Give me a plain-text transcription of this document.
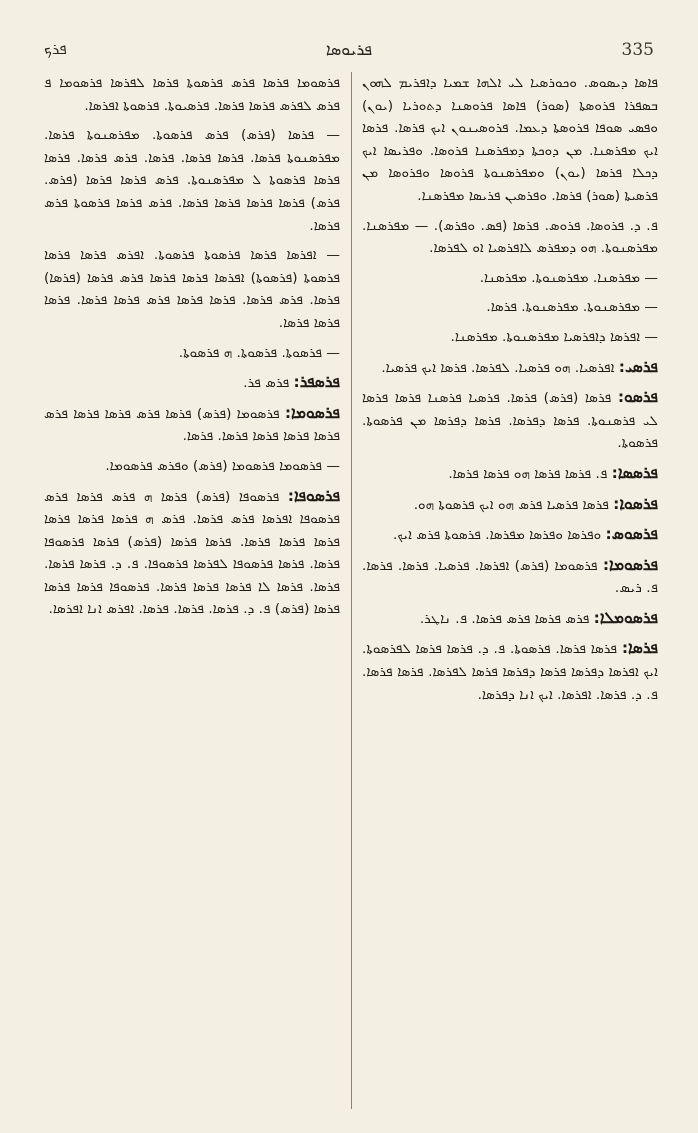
ܦܪܟ	ܦܪܝܘܣܐ	335

ܦܐܣܐ ܕܝܣܘܣ. ܘܟܘܪܣܝܐ ܠܝ ܐܠܗܐ ܫܡܝܐ ܕܐܦܪܝܡ ܠܗܘܢ ܒܣܦܪܐ ܦܪܘܣܬܐ (ܣܘܪ) ܦܐܣܐ ܦܪܘܣܢܐ ܕܬܘܪܝܐ (ܝܘܢ) ܘܦܣܝ ܣܘܦܐ ܦܪܘܣܬܐ ܕܥܡܐ. ܦܪܘܣܝܢܘܢ ܐܝܟ ܦܪܣܐ. ܦܪܣܐ ܐܝܟ ܡܦܪܣܢܐ. ܡܢ ܕܘܟܬܐ ܕܡܦܪܣܢܐ ܦܪܘܣܐ. ܘܦܪܝܣܐ ܐܝܟ ܕܟܠܐ ܦܪܣܐ (ܝܘܢ) ܘܡܦܪܣܢܘܬܐ ܦܪܘܣܐ ܘܦܪܘܣܐ ܡܢ ܦܪܣܝܬܐ (ܣܘܪ) ܦܪܣܐ. ܘܦܪܣܝܢ ܦܪܝܣܐ ܡܦܪܣܢܐ.

ܦ. ܕ. ܦܪܘܣܐ. ܦܪܘܣ. ܦܪܣܐ (ܦܣ. ܘܦܪܣ). — ܡܦܪܣܢܐ. ܡܦܪܣܢܘܬܐ. ܗܘ ܕܡܦܪܣ ܠܐܦܪܣܝܐ ܐܘ ܠܦܪܣܐ.

— ܡܦܪܣܢܐ. ܡܦܪܣܢܘܬܐ. ܡܦܪܣܢܐ.

— ܡܦܪܣܢܘܬܐ. ܡܦܪܣܢܘܬܐ. ܦܪܣܐ.

— ܐܦܪܣܐ ܕܐܦܪܣܝܐ ܡܦܪܣܢܘܬܐ. ܡܦܪܣܢܐ.

ܦܪܣܝ: ܐܦܪܣܝܐ. ܗܘ ܦܪܣܝܐ. ܠܦܪܣܐ. ܦܪܣܐ ܐܝܟ ܦܪܣܝܐ.

ܦܪܣܘ: ܦܪܣܐ (ܦܪܣ) ܦܪܣܐ. ܦܪܣܝܐ ܦܪܣܢܐ ܦܪܣܐ ܦܪܣܐ ܠܝ ܦܪܣܢܘܬܐ. ܦܪܣܐ ܕܦܪܣܐ. ܦܪܣܐ ܕܦܪܣܐ ܡܢ ܦܪܣܘܬܐ. ܦܪܣܘܬܐ.

ܦܪܣܣܐ: ܦ. ܦܪܣܐ ܦܪܣܐ ܗܘ ܦܪܣܐ ܦܪܣܐ.

ܦܪܣܘܐ: ܦܪܣܐ ܦܪܣܝܐ ܦܪܣ ܗܘ ܐܝܟ ܦܪܣܘܬܐ ܗܘ.

ܦܪܣܘܣ: ܘܦܪܣܐ ܘܦܪܣܐ ܡܦܪܣܐ. ܦܪܣܘܬܐ ܦܪܣ ܐܝܟ.

ܦܪܣܘܡܐ: ܦܪܣܘܡܐ (ܦܪܣ) ܐܦܪܣܐ. ܦܪܣܝܐ. ܦܪܣܐ. ܦܪܣܐ. ܦ. ܪܝܣ.

ܦܪܣܘܡܠܐ: ܦܪܣ ܦܪܣܐ ܦܪܣ ܦܪܣܐ. ܦ. ܢܐܛܪ.

ܦܪܣܐ: ܦܪܣܐ ܦܪܣܐ. ܦܪܣܘܬܐ. ܦ. ܕ. ܦܪܣܐ ܦܪܣܐ ܠܦܪܣܘܬܐ. ܐܝܟ ܐܦܪܣܐ ܕܦܪܣܐ ܦܪܣܐ ܕܦܪܣܐ ܦܪܣܐ ܠܦܪܣܐ. ܦܪܣܐ ܦܪܣܐ. ܦ. ܕ. ܦܪܣܐ. ܐܦܪܣܐ. ܐܝܟ ܐܢܐ ܕܦܪܣܐ.

ܦܪܣܘܡܐ ܦܪܣܐ ܦܪܣ ܦܪܣܘܬܐ ܦܪܣܐ ܠܦܪܣܐ ܦܪܣܘܡܐ ܦ ܦܪܣ ܠܦܪܣ ܦܪܣܐ ܦܪܣܐ. ܦܪܣܝܘܬܐ. ܦܪܣܘܬܐ ܐܦܪܣܐ.

— ܦܪܣܐ (ܦܪܣ) ܦܪܣ ܦܪܣܘܬܐ. ܡܦܪܣܢܘܬܐ ܦܪܣܐ. ܡܦܪܣܢܘܬܐ ܦܪܣܐ. ܦܪܣܐ ܦܪܣܐ. ܦܪܣܐ. ܦܪܣ ܦܪܣܐ. ܦܪܣܐ ܦܪܣܐ ܦܪܣܘܬܐ ܠ ܡܦܪܣܢܘܬܐ. ܦܪܣ ܦܪܣܐ ܦܪܣܐ (ܦܪܣ. ܦܪܣ) ܦܪܣܐ ܦܪܣܐ ܦܪܣܐ ܦܪܣܐ. ܦܪܣ ܦܪܣܐ ܦܪܣܘܬܐ ܦܪܣ ܦܪܣܐ.

— ܐܦܪܣܐ ܦܪܣܐ ܦܪܣܘܬܐ ܦܪܣܘܬܐ. ܐܦܪܣ ܦܪܣܐ ܦܪܣܐ ܦܪܣܘܬܐ (ܦܪܣܘܬܐ) ܐܦܪܣܐ ܦܪܣܐ ܦܪܣܐ ܦܪܣ ܦܪܣܐ (ܦܪܣܐ) ܦܪܣܐ. ܦܪܣ ܦܪܣܐ. ܦܪܣܐ ܦܪܣܐ ܦܪܣ ܦܪܣܐ ܦܪܣܐ. ܦܪܣܐ ܦܪܣܐ ܦܪܣܐ.

— ܦܪܣܘܬܐ. ܦܪܣܘܬܐ. ܗ ܦܪܣܘܬܐ.

ܦܪܣܦܪ: ܦܪܣ ܦܪ.

ܦܪܣܘܡܐ: ܦܪܣܘܡܐ (ܦܪܣ) ܦܪܣܐ ܦܪܣ ܦܪܣܐ ܦܪܣܐ ܦܪܣ ܦܪܣܐ ܦܪܣܐ ܦܪܣܐ ܦܪܣܐ. ܦܪܣܐ.

— ܦܪܣܘܡܐ ܦܪܣܘܡܐ (ܦܪܣ) ܘܦܪܣ ܦܪܣܘܡܐ.

ܦܪܣܘܦܐ: ܦܪܣܘܦܐ (ܦܪܣ) ܦܪܣܐ ܗ ܦܪܣ ܦܪܣܐ ܦܪܣ ܦܪܣܘܦܐ ܐܦܪܣܐ ܦܪܣ ܦܪܣܐ. ܦܪܣ ܗ ܦܪܣܐ ܦܪܣܐ ܦܪܣܐ ܦܪܣܐ ܦܪܣܐ ܦܪܣܐ. ܦܪܣܐ ܦܪܣܐ (ܦܪܣ) ܦܪܣܐ ܦܪܣܘܦܐ ܦܪܣܐ. ܦܪܣܐ ܦܪܣܘܦܐ ܠܦܪܣܐ ܦܪܣܘܦܐ. ܦ. ܕ. ܦܪܣܐ ܦܪܣܐ. ܦܪܣܐ. ܦܪܣܐ ܠܐ ܦܪܣܐ ܦܪܣܐ ܦܪܣܐ. ܦܪܣܘܦܐ ܦܪܣܐ ܦܪܣܐ ܦܪܣܐ (ܦܪܣ) ܦ. ܕ. ܦܪܣܐ. ܦܪܣܐ. ܦܪܣܐ. ܐܦܪܣ ܐܢܐ ܐܦܪܣܐ.
